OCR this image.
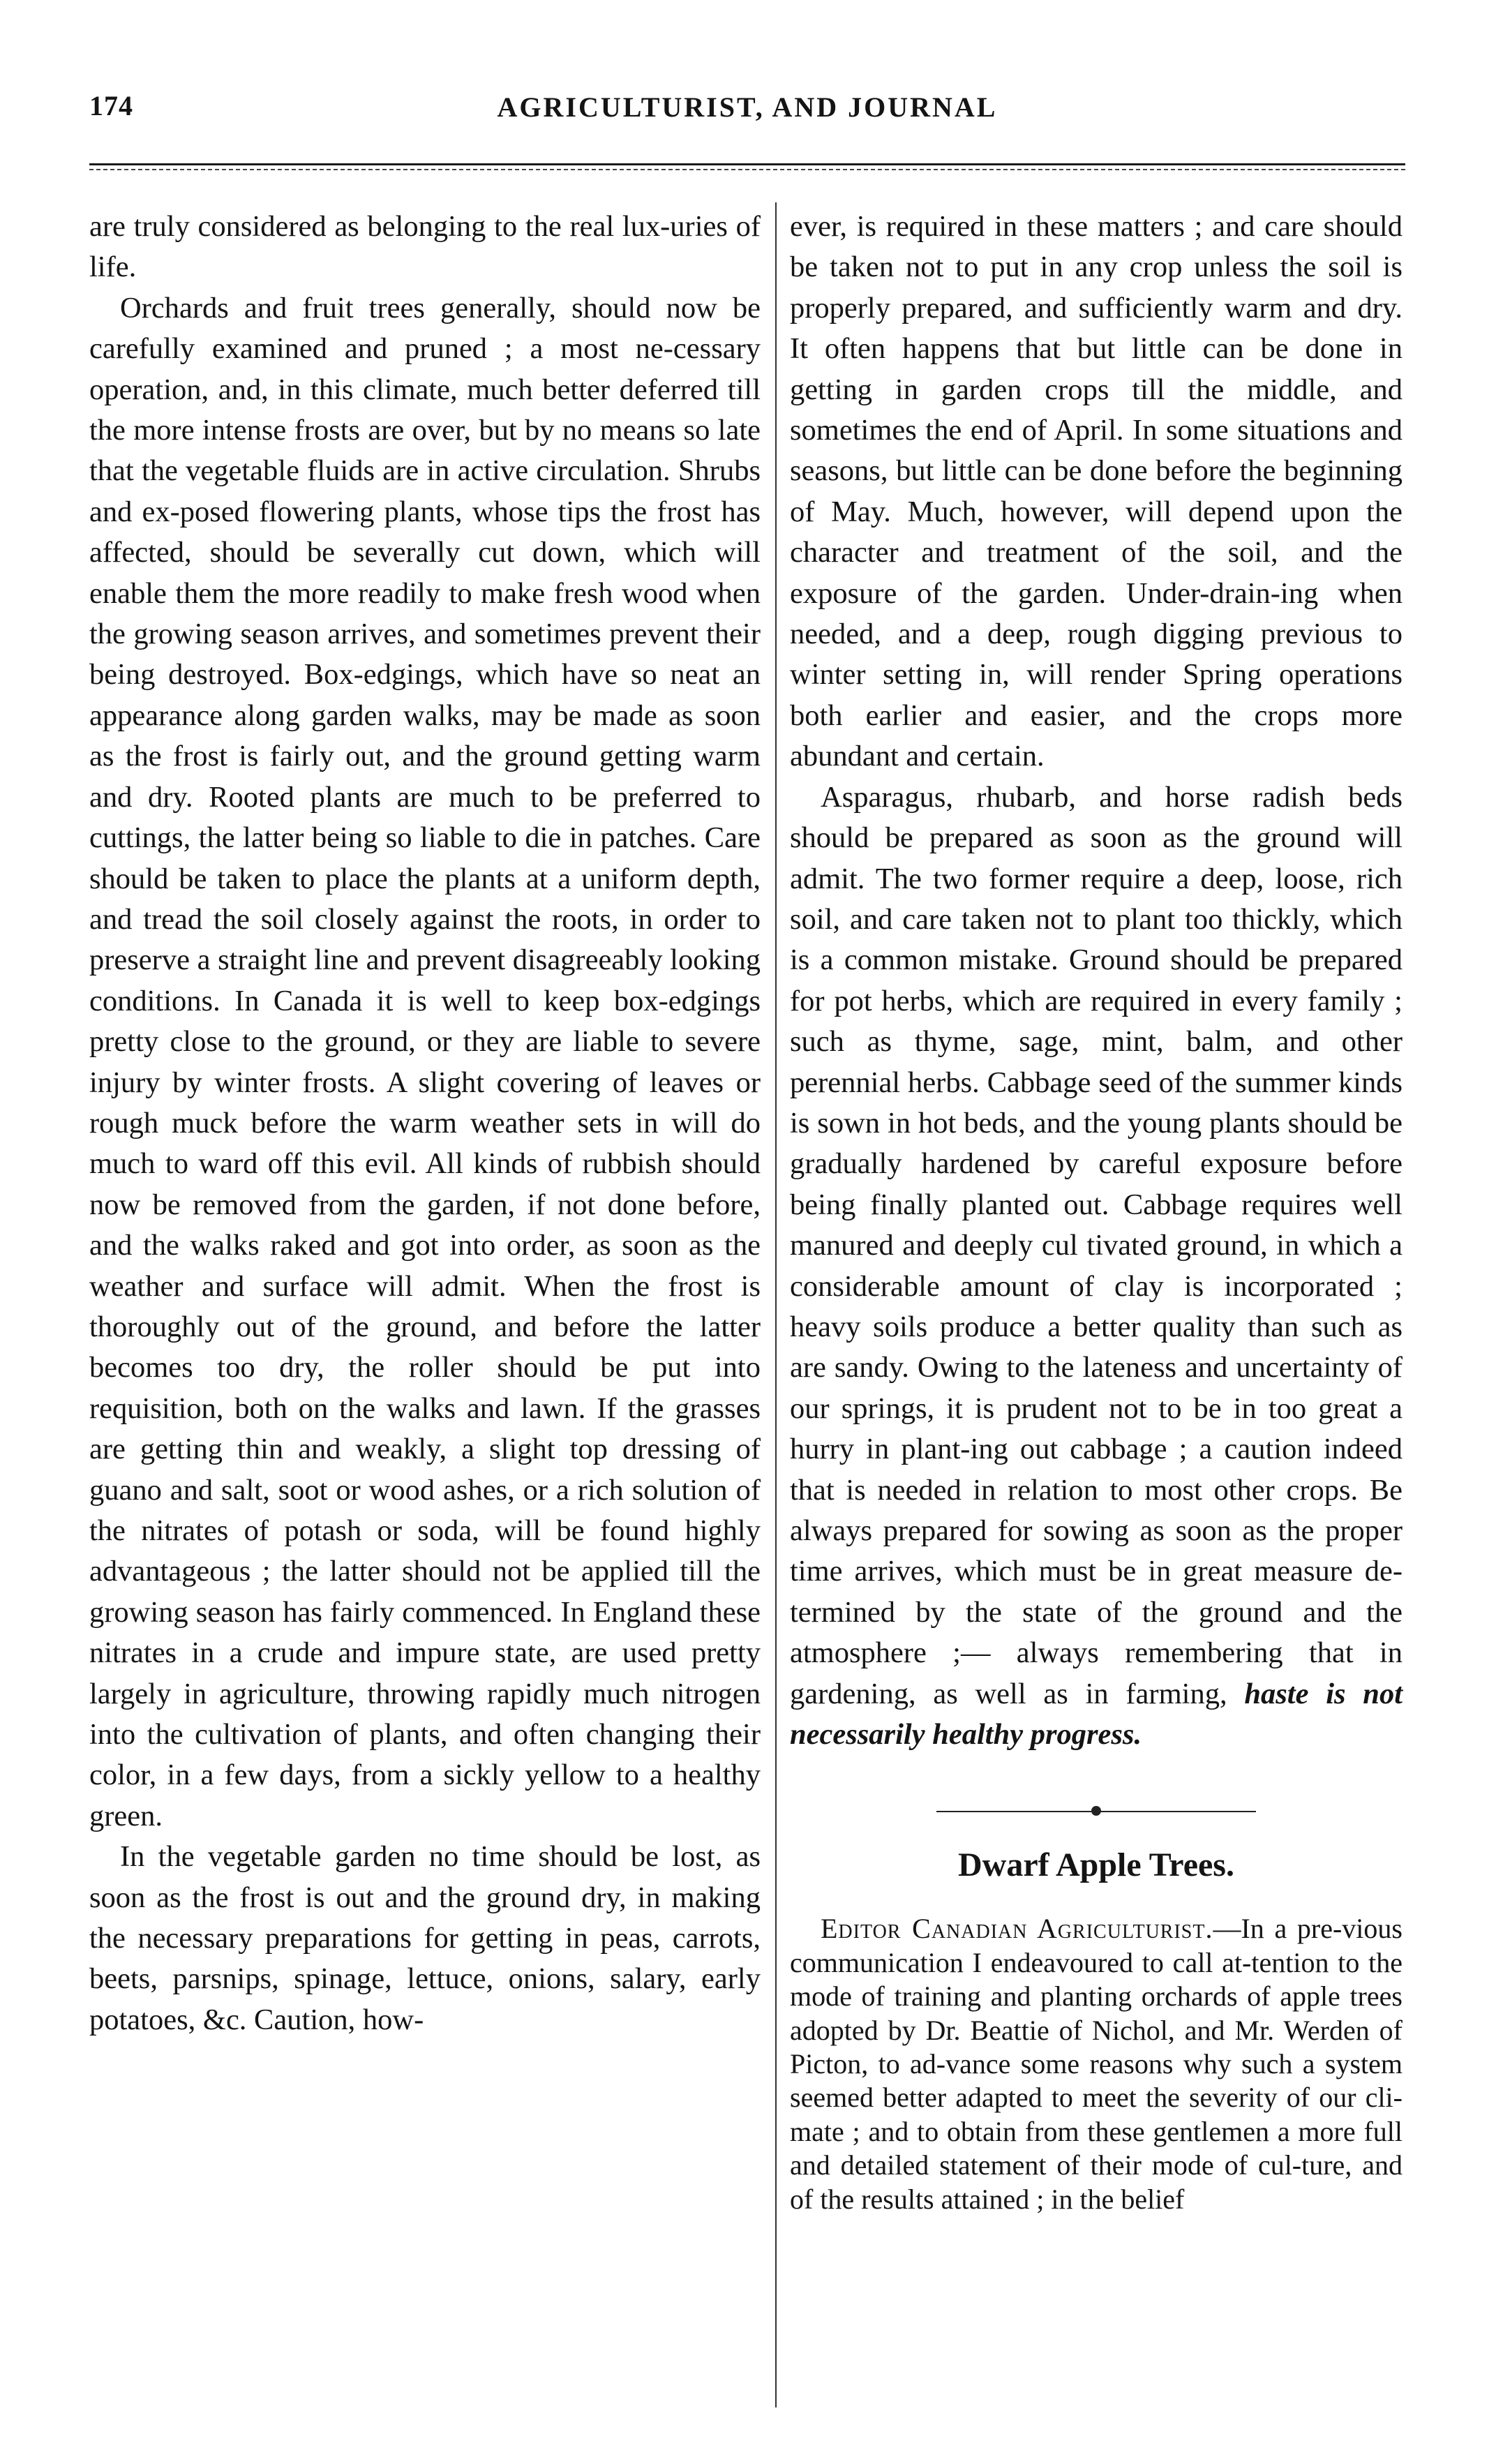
174	AGRICULTURIST, AND JOURNAL

are truly considered as belonging to the real lux-uries of life.

Orchards and fruit trees generally, should now be carefully examined and pruned ; a most ne-cessary operation, and, in this climate, much better deferred till the more intense frosts are over, but by no means so late that the vegetable fluids are in active circulation. Shrubs and ex-posed flowering plants, whose tips the frost has affected, should be severally cut down, which will enable them the more readily to make fresh wood when the growing season arrives, and sometimes prevent their being destroyed. Box-edgings, which have so neat an appearance along garden walks, may be made as soon as the frost is fairly out, and the ground getting warm and dry. Rooted plants are much to be preferred to cuttings, the latter being so liable to die in patches. Care should be taken to place the plants at a uniform depth, and tread the soil closely against the roots, in order to preserve a straight line and prevent disagreeably looking conditions. In Canada it is well to keep box-edgings pretty close to the ground, or they are liable to severe injury by winter frosts. A slight covering of leaves or rough muck before the warm weather sets in will do much to ward off this evil. All kinds of rubbish should now be removed from the garden, if not done before, and the walks raked and got into order, as soon as the weather and surface will admit. When the frost is thoroughly out of the ground, and before the latter becomes too dry, the roller should be put into requisition, both on the walks and lawn. If the grasses are getting thin and weakly, a slight top dressing of guano and salt, soot or wood ashes, or a rich solution of the nitrates of potash or soda, will be found highly advantageous ; the latter should not be applied till the growing season has fairly commenced. In England these nitrates in a crude and impure state, are used pretty largely in agriculture, throwing rapidly much nitrogen into the cultivation of plants, and often changing their color, in a few days, from a sickly yellow to a healthy green.

In the vegetable garden no time should be lost, as soon as the frost is out and the ground dry, in making the necessary preparations for getting in peas, carrots, beets, parsnips, spinage, lettuce, onions, salary, early potatoes, &c. Caution, how-

ever, is required in these matters ; and care should be taken not to put in any crop unless the soil is properly prepared, and sufficiently warm and dry. It often happens that but little can be done in getting in garden crops till the middle, and sometimes the end of April. In some situations and seasons, but little can be done before the beginning of May. Much, however, will depend upon the character and treatment of the soil, and the exposure of the garden. Under-drain-ing when needed, and a deep, rough digging previous to winter setting in, will render Spring operations both earlier and easier, and the crops more abundant and certain.

Asparagus, rhubarb, and horse radish beds should be prepared as soon as the ground will admit. The two former require a deep, loose, rich soil, and care taken not to plant too thickly, which is a common mistake. Ground should be prepared for pot herbs, which are required in every family ; such as thyme, sage, mint, balm, and other perennial herbs. Cabbage seed of the summer kinds is sown in hot beds, and the young plants should be gradually hardened by careful exposure before being finally planted out. Cabbage requires well manured and deeply cul tivated ground, in which a considerable amount of clay is incorporated ; heavy soils produce a better quality than such as are sandy. Owing to the lateness and uncertainty of our springs, it is prudent not to be in too great a hurry in plant-ing out cabbage ; a caution indeed that is needed in relation to most other crops. Be always prepared for sowing as soon as the proper time arrives, which must be in great measure de-termined by the state of the ground and the atmosphere ;— always remembering that in gardening, as well as in farming, haste is not necessarily healthy progress.

Dwarf Apple Trees.

Editor Canadian Agriculturist.—In a pre-vious communication I endeavoured to call at-tention to the mode of training and planting orchards of apple trees adopted by Dr. Beattie of Nichol, and Mr. Werden of Picton, to ad-vance some reasons why such a system seemed better adapted to meet the severity of our cli-mate ; and to obtain from these gentlemen a more full and detailed statement of their mode of cul-ture, and of the results attained ; in the belief
